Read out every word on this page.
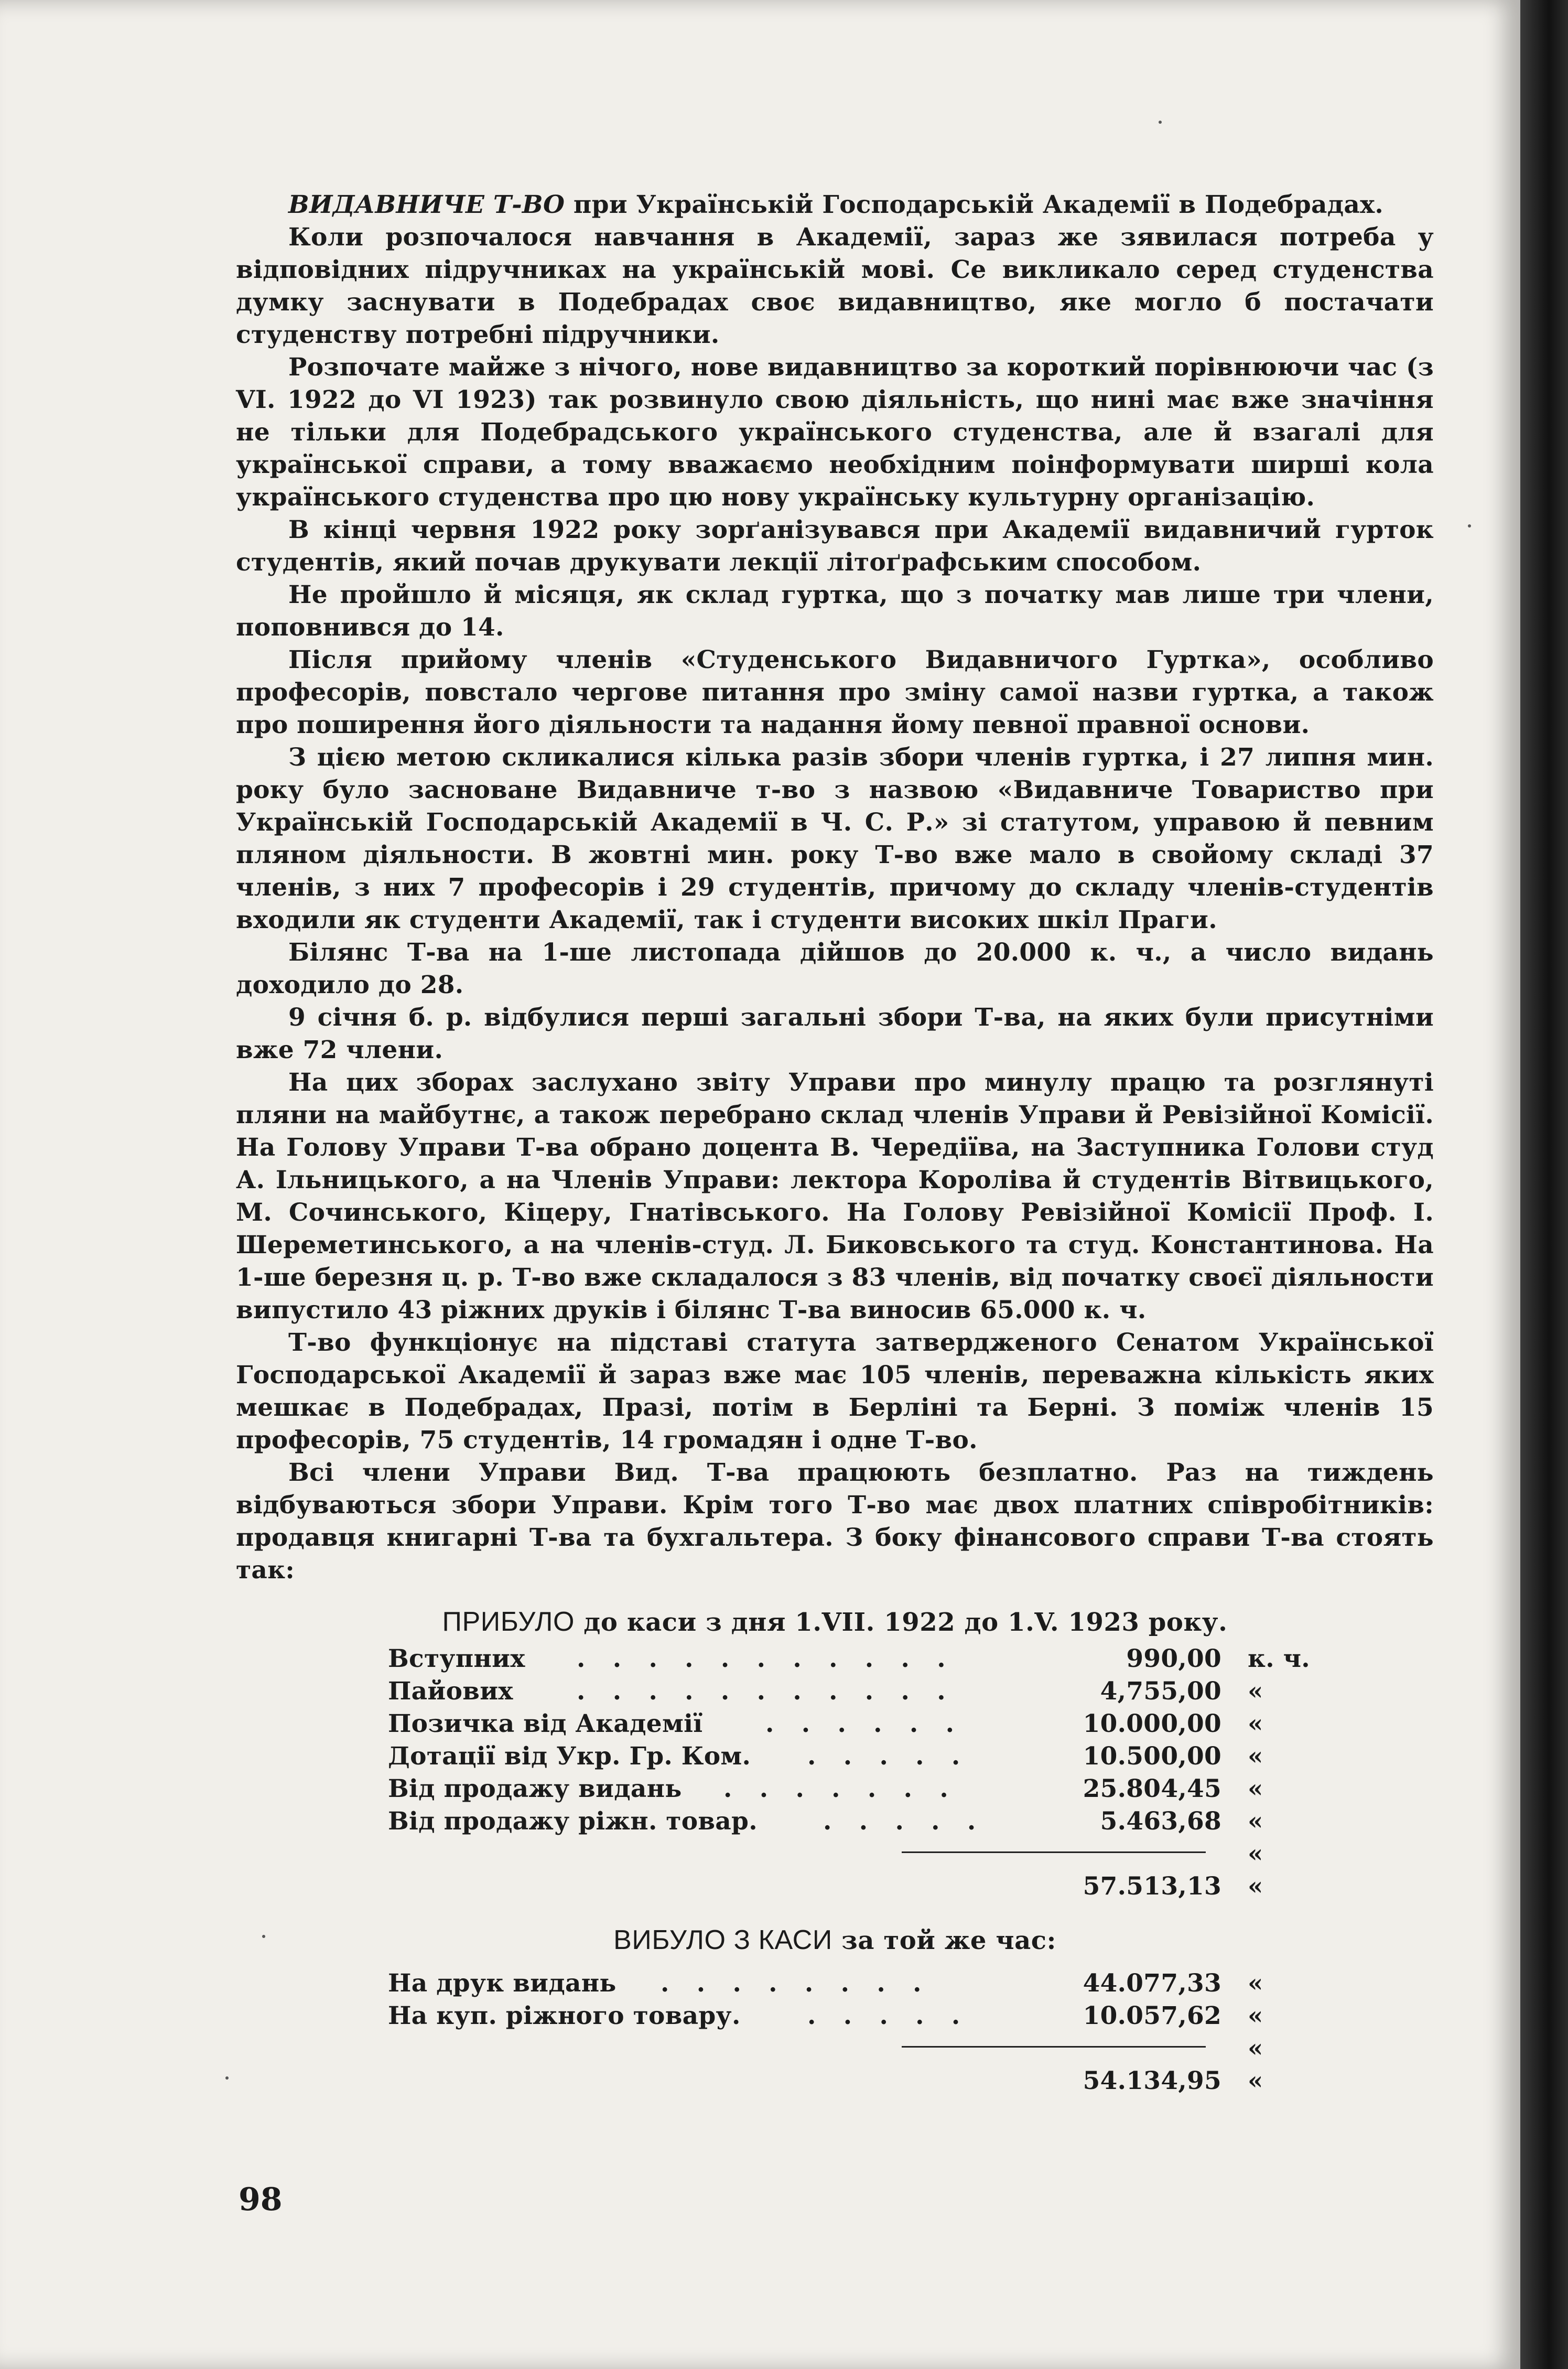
ВИДАВНИЧЕ Т-ВО при Українській Господарській Академії в Подебрадах.

Коли розпочалося навчання в Академії, зараз же зявилася потреба у відповідних підручниках на українській мові. Се викликало серед студенства думку заснувати в Подебрадах своє видавництво, яке могло б постачати студенству потребні підручники.

Розпочате майже з нічого, нове видавництво за короткий порівнюючи час (з VI. 1922 до VI 1923) так розвинуло свою діяльність, що нині має вже значіння не тільки для Подебрадського українського студенства, але й взагалі для української справи, а тому вважаємо необхідним поінформувати ширші кола українського студенства про цю нову українську культурну організацію.

В кінці червня 1922 року зорґанізувався при Академії видавничий гурток студентів, який почав друкувати лекції літоґрафським способом.

Не пройшло й місяця, як склад гуртка, що з початку мав лише три члени, поповнився до 14.

Після прийому членів «Студенського Видавничого Гуртка», особливо професорів, повстало чергове питання про зміну самої назви гуртка, а також про поширення його діяльности та надання йому певної правної основи.

З цією метою скликалися кілька разів збори членів гуртка, і 27 липня мин. року було засноване Видавниче т-во з назвою «Видавниче Товариство при Українській Господарській Академії в Ч. С. Р.» зі статутом, управою й певним пляном діяльности. В жовтні мин. року Т-во вже мало в свойому складі 37 членів, з них 7 професорів і 29 студентів, причому до складу членів-студентів входили як студенти Академії, так і студенти високих шкіл Праги.

Білянс Т-ва на 1-ше листопада дійшов до 20.000 к. ч., а число видань доходило до 28.

9 січня б. р. відбулися перші загальні збори Т-ва, на яких були присутніми вже 72 члени.

На цих зборах заслухано звіту Управи про минулу працю та розглянуті пляни на майбутнє, а також перебрано склад членів Управи й Ревізійної Комісії. На Голову Управи Т-ва обрано доцента В. Чередіїва, на Заступника Голови студ А. Ільницького, а на Членів Управи: лектора Короліва й студентів Вітвицького, М. Сочинського, Кіцеру, Гнатівського. На Голову Ревізійної Комісії Проф. І. Шереметинського, а на членів-студ. Л. Биковського та студ. Константинова. На 1-ше березня ц. р. Т-во вже складалося з 83 членів, від початку своєї діяльности випустило 43 ріжних друків і білянс Т-ва виносив 65.000 к. ч.

Т-во функціонує на підставі статута затвердженого Сенатом Української Господарської Академії й зараз вже має 105 членів, переважна кількість яких мешкає в Подебрадах, Празі, потім в Берліні та Берні. З поміж членів 15 професорів, 75 студентів, 14 громадян і одне Т-во.

Всі члени Управи Вид. Т-ва працюють безплатно. Раз на тиждень відбуваються збори Управи. Крім того Т-во має двох платних співробітників: продавця книгарні Т-ва та бухгальтера. З боку фінансового справи Т-ва стоять так:

ПРИБУЛО до каси з дня 1.VII. 1922 до 1.V. 1923 року.
Вступних . . . . . . . . . . .	990,00 к. ч.
Пайових	. . . . . . . . . . .	4,755,00 «
Позичка від Академії	. . . . . .	10.000,00 «
Дотації від Укр. Гр. Ком. . . . . .	10.500,00 «
Від продажу видань . . . . . . .	25.804,45 «
Від продажу ріжн. товар.	. . . . .	5.463,68 «
«
57.513,13 «
ВИБУЛО З КАСИ за той же час:
На друк видань . . . . . . . .	44.077,33 «
На куп. ріжного товару.	. . . . .	10.057,62 «
«
54.134,95 «
98
